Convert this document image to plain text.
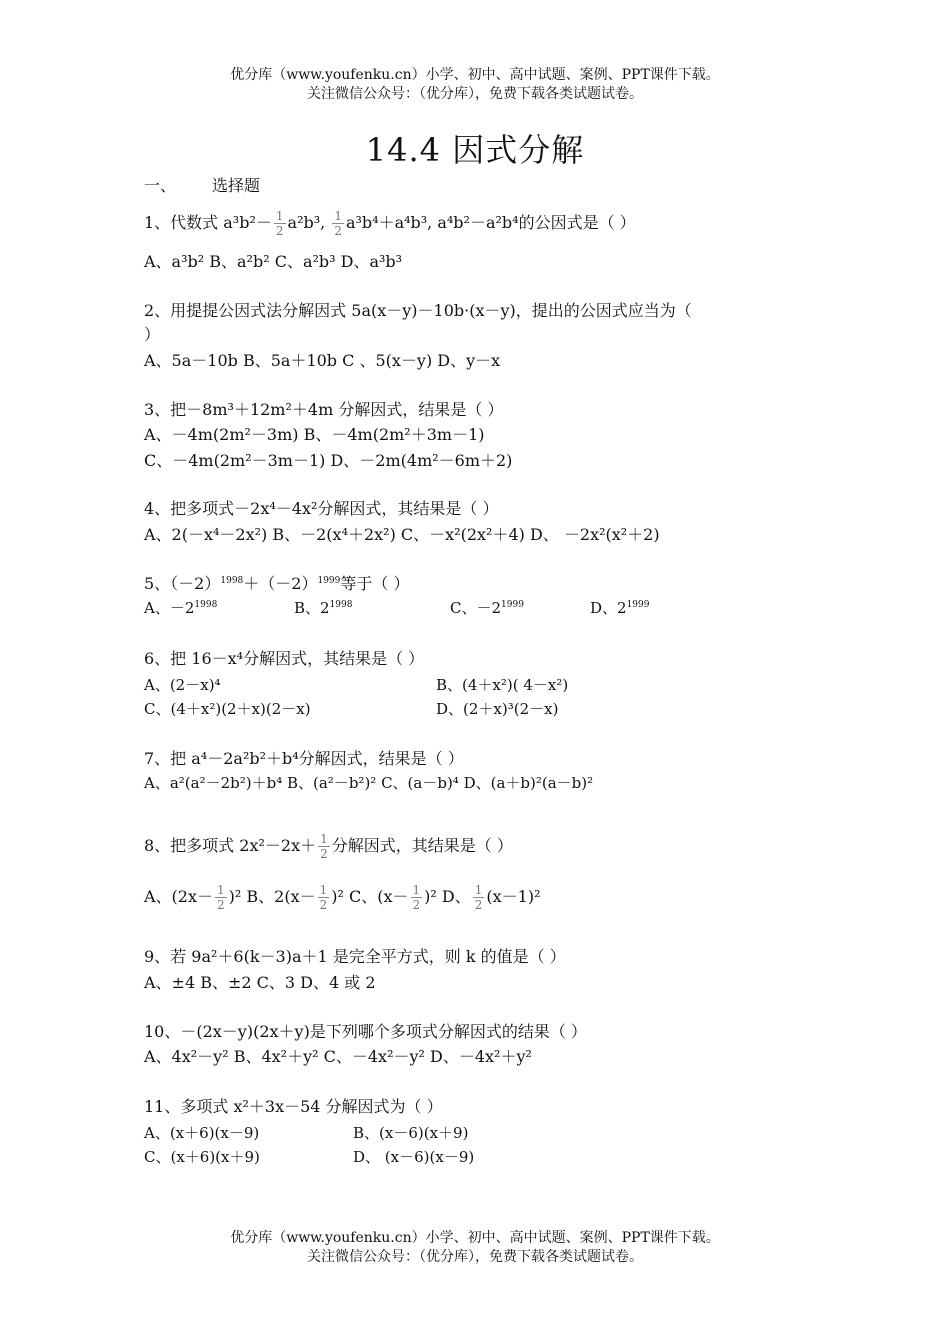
优分库（www.youfenku.cn）小学、初中、高中试题、案例、PPT课件下载。
关注微信公众号：（优分库），免费下载各类试题试卷。
14.4 因式分解
一、 选择题
1、代数式 $a^3b^2- \frac{1}{2} a^2b^3$, $\frac{1}{2} a^3b^4+a^4b^3$, a⁴b²－a²b⁴的公因式是（ ）
A、a³b² B、a²b² C、a²b³ D、a³b³
2、用提提公因式法分解因式 5a(x－y)－10b·(x－y)，提出的公因式应当为（
）
A、5a－10b B、5a＋10b C 、5(x－y) D、y－x
3、把－8m³＋12m²＋4m 分解因式，结果是（ ）
A、－4m(2m²－3m) B、－4m(2m²＋3m－1)
C、－4m(2m²－3m－1) D、－2m(4m²－6m＋2)
4、把多项式－2x⁴－4x²分解因式，其结果是（ ）
A、2(－x⁴－2x²) B、－2(x⁴＋2x²) C、－x²(2x²＋4) D、 －2x²(x²＋2)
5、$(-2)^{1998}+(-2)^{1999}$等于（ ）
A、$-2^{1998}$	B、$2^{1998}$	C、$-2^{1999}$	D、$2^{1999}$
6、把 16－x⁴分解因式，其结果是（ ）
A、(2－x)⁴	B、(4＋x²)( 4－x²)
C、(4＋x²)(2＋x)(2－x)	D、(2＋x)³(2－x)
7、把 a⁴－2a²b²＋b⁴分解因式，结果是（ ）
A、a²(a²－2b²)＋b⁴ B、(a²－b²)² C、(a－b)⁴ D、(a＋b)²(a－b)²
8、把多项式 $2x^2-2x+ \frac{1}{2}$ 分解因式，其结果是（ ）
A、$(2x- \frac{1}{2} )^2$ B、$2(x- \frac{1}{2} )^2$ C、$(x- \frac{1}{2} )^2$ D、 $\frac{1}{2} (x-1)^2$
9、若 9a²＋6(k－3)a＋1 是完全平方式，则 k 的值是（ ）
A、±4 B、±2 C、3 D、4 或 2
10、－(2x－y)(2x＋y)是下列哪个多项式分解因式的结果（ ）
A、4x²－y² B、4x²＋y² C、－4x²－y² D、－4x²＋y²
11、多项式 x²＋3x－54 分解因式为（ ）
A、(x＋6)(x－9)	B、(x－6)(x＋9)
C、(x＋6)(x＋9)	D、 (x－6)(x－9)
优分库（www.youfenku.cn）小学、初中、高中试题、案例、PPT课件下载。
关注微信公众号：（优分库），免费下载各类试题试卷。
